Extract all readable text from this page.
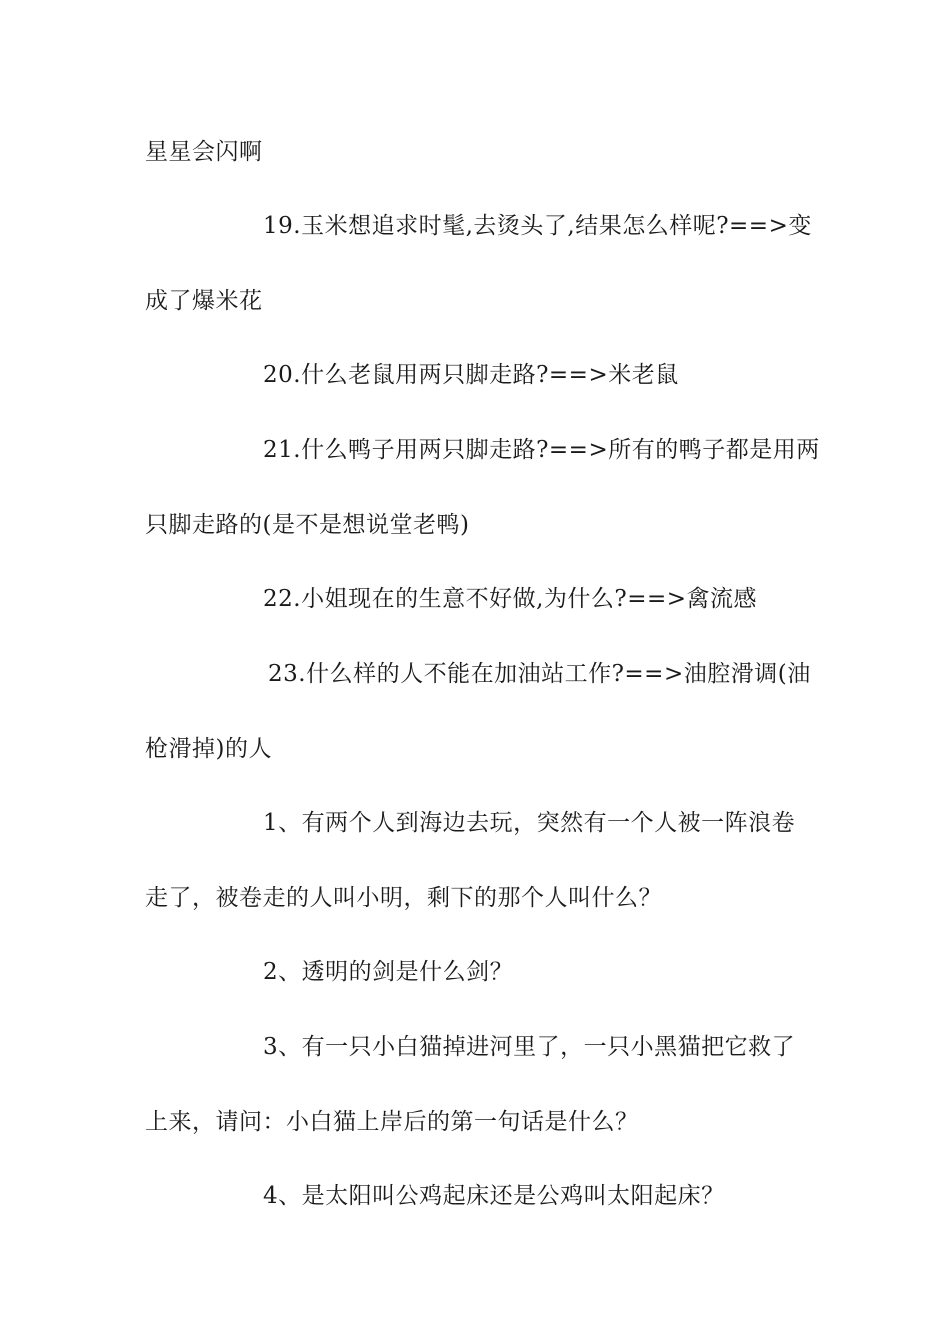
星星会闪啊
19.玉米想追求时髦,去烫头了,结果怎么样呢?==>变
成了爆米花
20.什么老鼠用两只脚走路?==>米老鼠
21.什么鸭子用两只脚走路?==>所有的鸭子都是用两
只脚走路的(是不是想说堂老鸭)
22.小姐现在的生意不好做,为什么?==>禽流感
23.什么样的人不能在加油站工作?==>油腔滑调(油
枪滑掉)的人
1、有两个人到海边去玩，突然有一个人被一阵浪卷
走了，被卷走的人叫小明，剩下的那个人叫什么？
2、透明的剑是什么剑？
3、有一只小白猫掉进河里了，一只小黑猫把它救了
上来，请问：小白猫上岸后的第一句话是什么？
4、是太阳叫公鸡起床还是公鸡叫太阳起床？
